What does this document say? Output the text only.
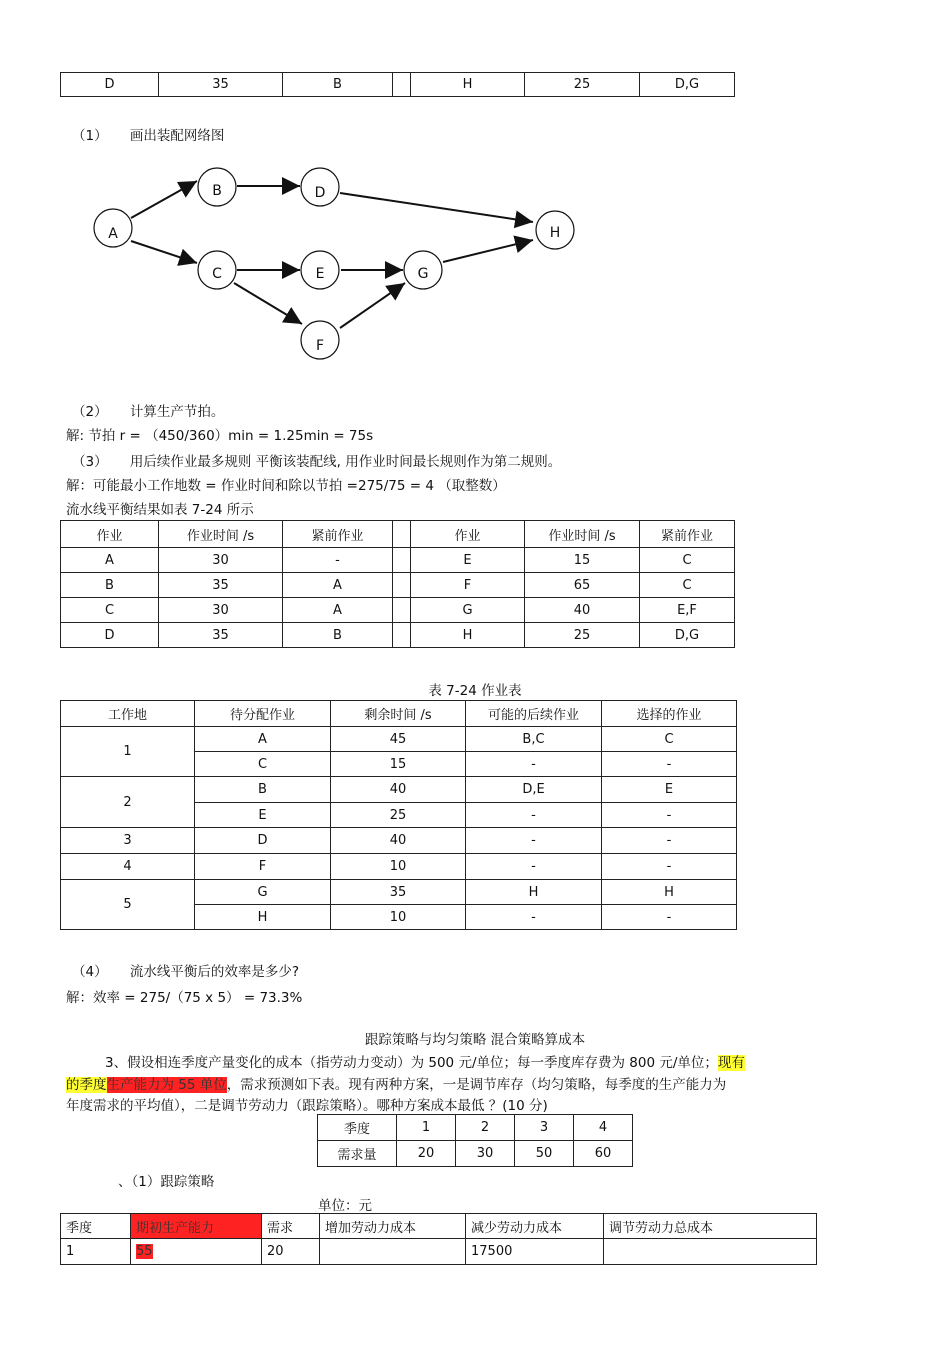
D	35	B		H	25	D,G
（1） 画出装配网络图
A
B
C
D
E
F
G
H
（2） 计算生产节拍。
解: 节拍 r = （450/360）min = 1.25min = 75s
（3） 用后续作业最多规则 平衡该装配线, 用作业时间最长规则作为第二规则。
解：可能最小工作地数 = 作业时间和除以节拍 =275/75 = 4 （取整数）
流水线平衡结果如表 7-24 所示
作业	作业时间 /s	紧前作业		作业	作业时间 /s	紧前作业
A	30	-		E	15	C
B	35	A		F	65	C
C	30	A		G	40	E,F
D	35	B		H	25	D,G
表 7-24 作业表
工作地	待分配作业	剩余时间 /s	可能的后续作业	选择的作业
1	A	45	B,C	C
	C	15	-	-
2	B	40	D,E	E
	E	25	-	-
3	D	40	-	-
4	F	10	-	-
5	G	35	H	H
	H	10	-	-
（4） 流水线平衡后的效率是多少?
解：效率 = 275/（75 x 5） = 73.3%
跟踪策略与均匀策略 混合策略算成本
3、假设相连季度产量变化的成本（指劳动力变动）为 500 元/单位；每一季度库存费为 800 元/单位；现有
的季度生产能力为 55 单位，需求预测如下表。现有两种方案，一是调节库存（均匀策略，每季度的生产能力为
年度需求的平均值），二是调节劳动力（跟踪策略）。哪种方案成本最低 ？(10 分)
季度	1	2	3	4
需求量	20	30	50	60
、（1）跟踪策略
单位：元
季度	期初生产能力	需求	增加劳动力成本	减少劳动力成本	调节劳动力总成本
1	55	20		17500	
